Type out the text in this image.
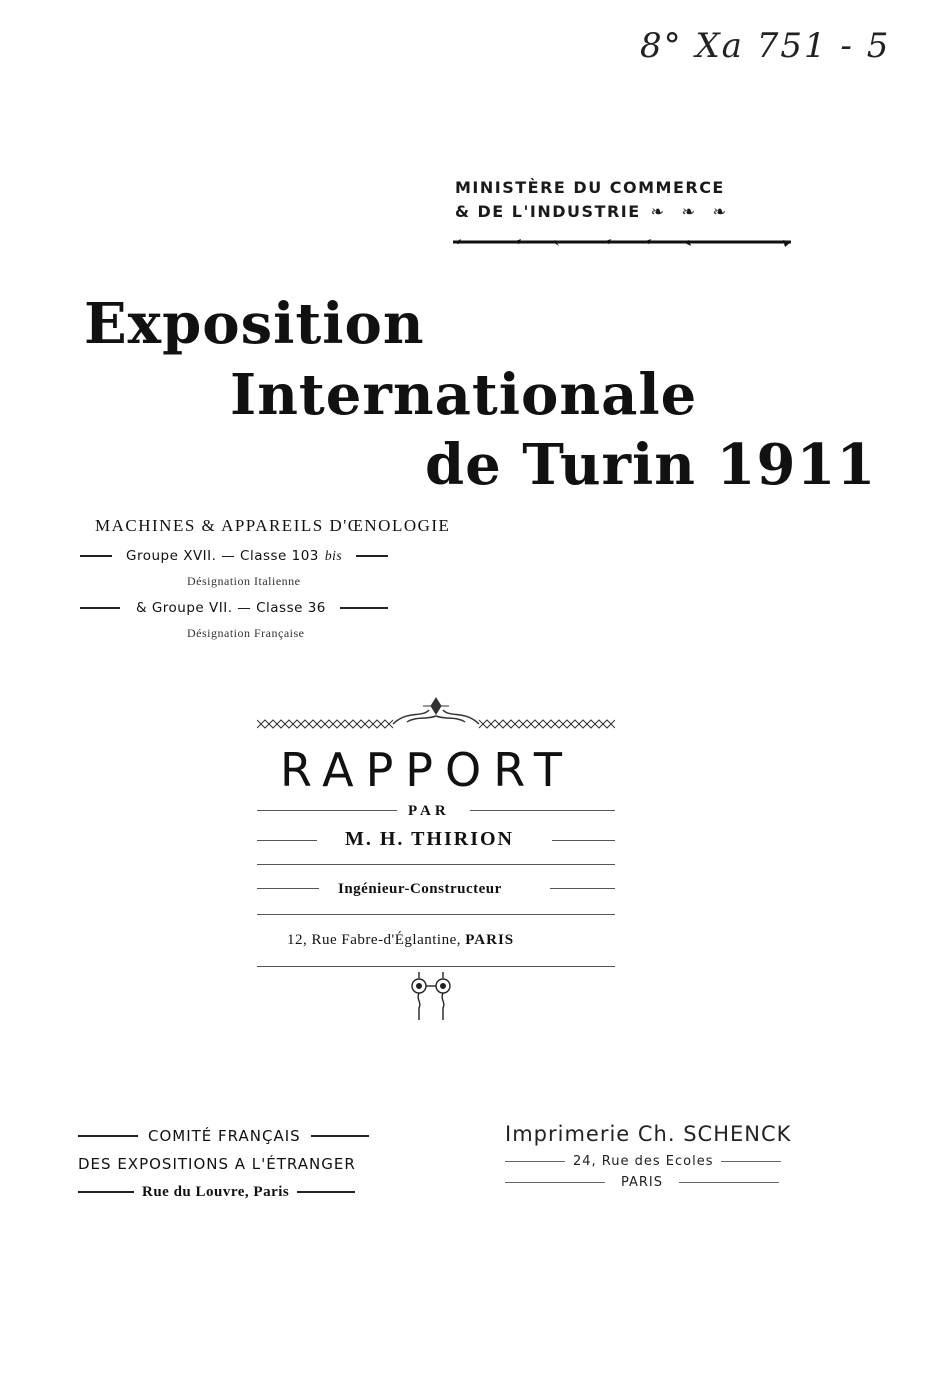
8° Xa 751 - 5
MINISTÈRE DU COMMERCE
& DE L'INDUSTRIE ❧ ❧ ❧
Exposition
Internationale
de Turin 1911
MACHINES & APPAREILS D'ŒNOLOGIE
Groupe XVII. — Classe 103 bis
Désignation Italienne
& Groupe VII. — Classe 36
Désignation Française
RAPPORT
PAR
M. H. THIRION
Ingénieur-Constructeur
12, Rue Fabre-d'Églantine, PARIS
COMITÉ FRANÇAIS
DES EXPOSITIONS A L'ÉTRANGER
Rue du Louvre, Paris
Imprimerie Ch. SCHENCK
24, Rue des Ecoles
PARIS
